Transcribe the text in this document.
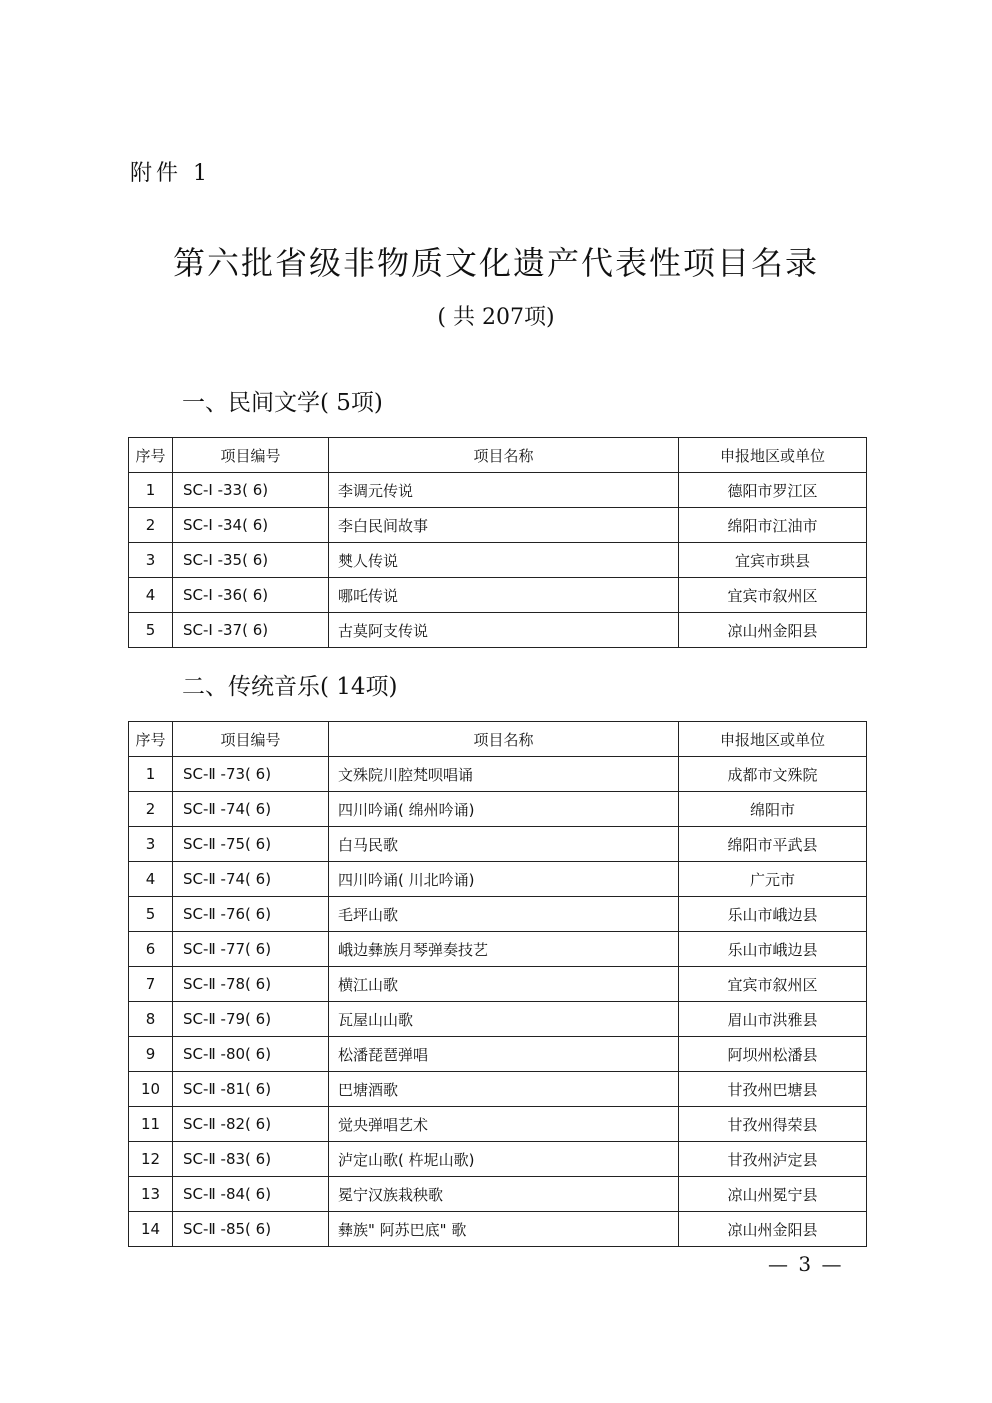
附件 1
第六批省级非物质文化遗产代表性项目名录
( 共 207项)
一、民间文学( 5项)
序号	项目编号	项目名称	申报地区或单位
1	SC-Ⅰ -33( 6)	李调元传说	德阳市罗江区
2	SC-Ⅰ -34( 6)	李白民间故事	绵阳市江油市
3	SC-Ⅰ -35( 6)	僰人传说	宜宾市珙县
4	SC-Ⅰ -36( 6)	哪吒传说	宜宾市叙州区
5	SC-Ⅰ -37( 6)	古莫阿支传说	凉山州金阳县
二、传统音乐( 14项)
序号	项目编号	项目名称	申报地区或单位
1	SC-Ⅱ -73( 6)	文殊院川腔梵呗唱诵	成都市文殊院
2	SC-Ⅱ -74( 6)	四川吟诵( 绵州吟诵)	绵阳市
3	SC-Ⅱ -75( 6)	白马民歌	绵阳市平武县
4	SC-Ⅱ -74( 6)	四川吟诵( 川北吟诵)	广元市
5	SC-Ⅱ -76( 6)	毛坪山歌	乐山市峨边县
6	SC-Ⅱ -77( 6)	峨边彝族月琴弹奏技艺	乐山市峨边县
7	SC-Ⅱ -78( 6)	横江山歌	宜宾市叙州区
8	SC-Ⅱ -79( 6)	瓦屋山山歌	眉山市洪雅县
9	SC-Ⅱ -80( 6)	松潘琵琶弹唱	阿坝州松潘县
10	SC-Ⅱ -81( 6)	巴塘酒歌	甘孜州巴塘县
11	SC-Ⅱ -82( 6)	觉央弹唱艺术	甘孜州得荣县
12	SC-Ⅱ -83( 6)	泸定山歌( 杵坭山歌)	甘孜州泸定县
13	SC-Ⅱ -84( 6)	冕宁汉族栽秧歌	凉山州冕宁县
14	SC-Ⅱ -85( 6)	彝族" 阿苏巴底" 歌	凉山州金阳县
— 3 —
